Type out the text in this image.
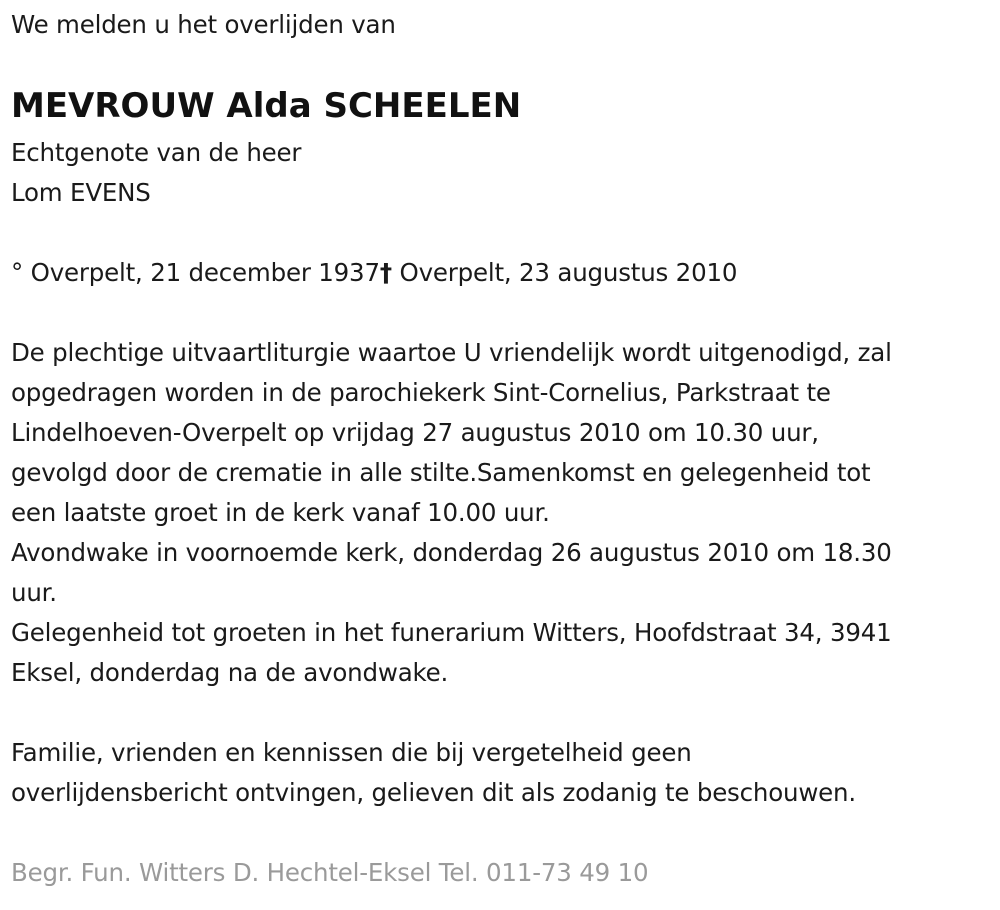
We melden u het overlijden van
MEVROUW Alda SCHEELEN
Echtgenote van de heer
Lom EVENS
° Overpelt, 21 december 1937† Overpelt, 23 augustus 2010
De plechtige uitvaartliturgie waartoe U vriendelijk wordt uitgenodigd, zal
opgedragen worden in de parochiekerk Sint-Cornelius, Parkstraat te
Lindelhoeven-Overpelt op vrijdag 27 augustus 2010 om 10.30 uur,
gevolgd door de crematie in alle stilte.Samenkomst en gelegenheid tot
een laatste groet in de kerk vanaf 10.00 uur.
Avondwake in voornoemde kerk, donderdag 26 augustus 2010 om 18.30
uur.
Gelegenheid tot groeten in het funerarium Witters, Hoofdstraat 34, 3941
Eksel, donderdag na de avondwake.
Familie, vrienden en kennissen die bij vergetelheid geen
overlijdensbericht ontvingen, gelieven dit als zodanig te beschouwen.
Begr. Fun. Witters D. Hechtel-Eksel Tel. 011-73 49 10
